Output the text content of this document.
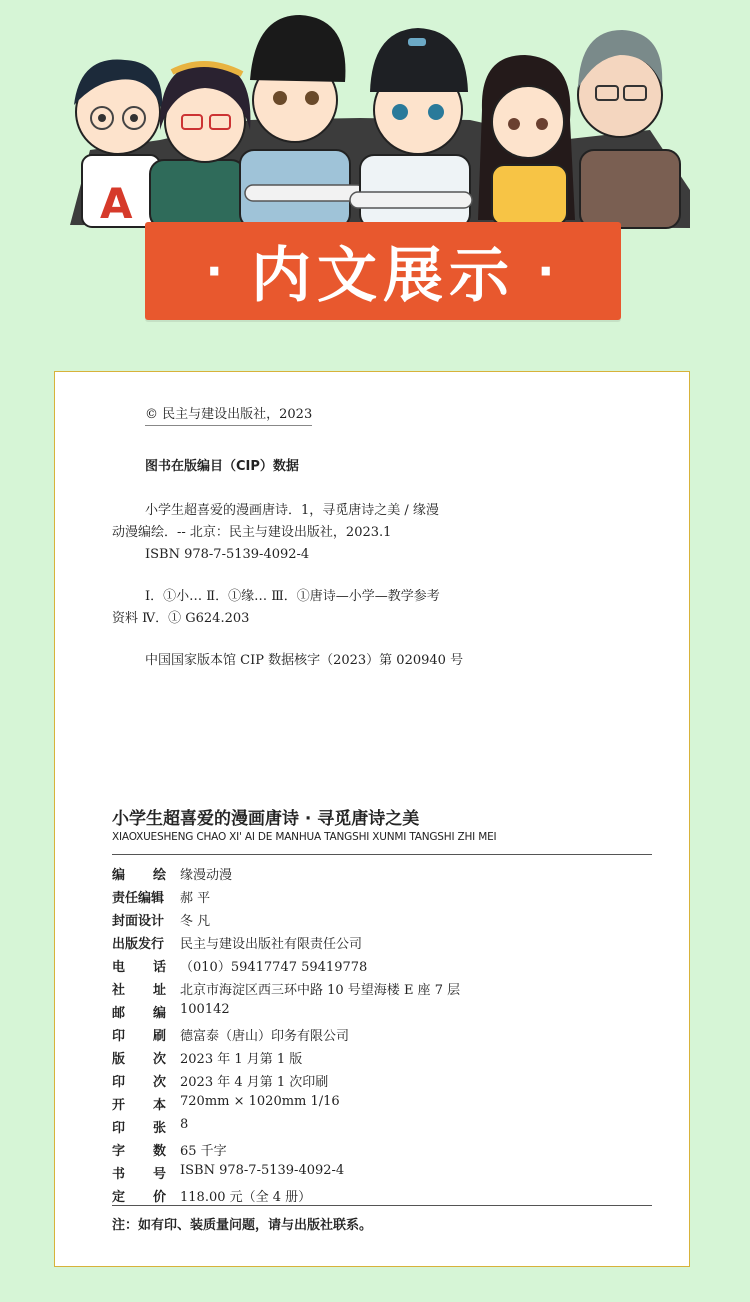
A
· 内文展示 ·
© 民主与建设出版社，2023
图书在版编目（CIP）数据
小学生超喜爱的漫画唐诗．1，寻觅唐诗之美 / 缘漫
动漫编绘．-- 北京：民主与建设出版社，2023.1
ISBN 978-7-5139-4092-4
Ⅰ．①小… Ⅱ．①缘… Ⅲ．①唐诗—小学—教学参考
资料 Ⅳ．① G624.203
中国国家版本馆 CIP 数据核字（2023）第 020940 号
小学生超喜爱的漫画唐诗 · 寻觅唐诗之美
XIAOXUESHENG CHAO XI' AI DE MANHUA TANGSHI XUNMI TANGSHI ZHI MEI
编 绘 缘漫动漫
责任编辑 郝 平
封面设计 冬 凡
出版发行 民主与建设出版社有限责任公司
电 话 （010）59417747 59419778
社 址 北京市海淀区西三环中路 10 号望海楼 E 座 7 层
邮 编 100142
印 刷 德富泰（唐山）印务有限公司
版 次 2023 年 1 月第 1 版
印 次 2023 年 4 月第 1 次印刷
开 本 720mm × 1020mm 1/16
印 张 8
字 数 65 千字
书 号 ISBN 978-7-5139-4092-4
定 价 118.00 元（全 4 册）
注：如有印、装质量问题，请与出版社联系。
